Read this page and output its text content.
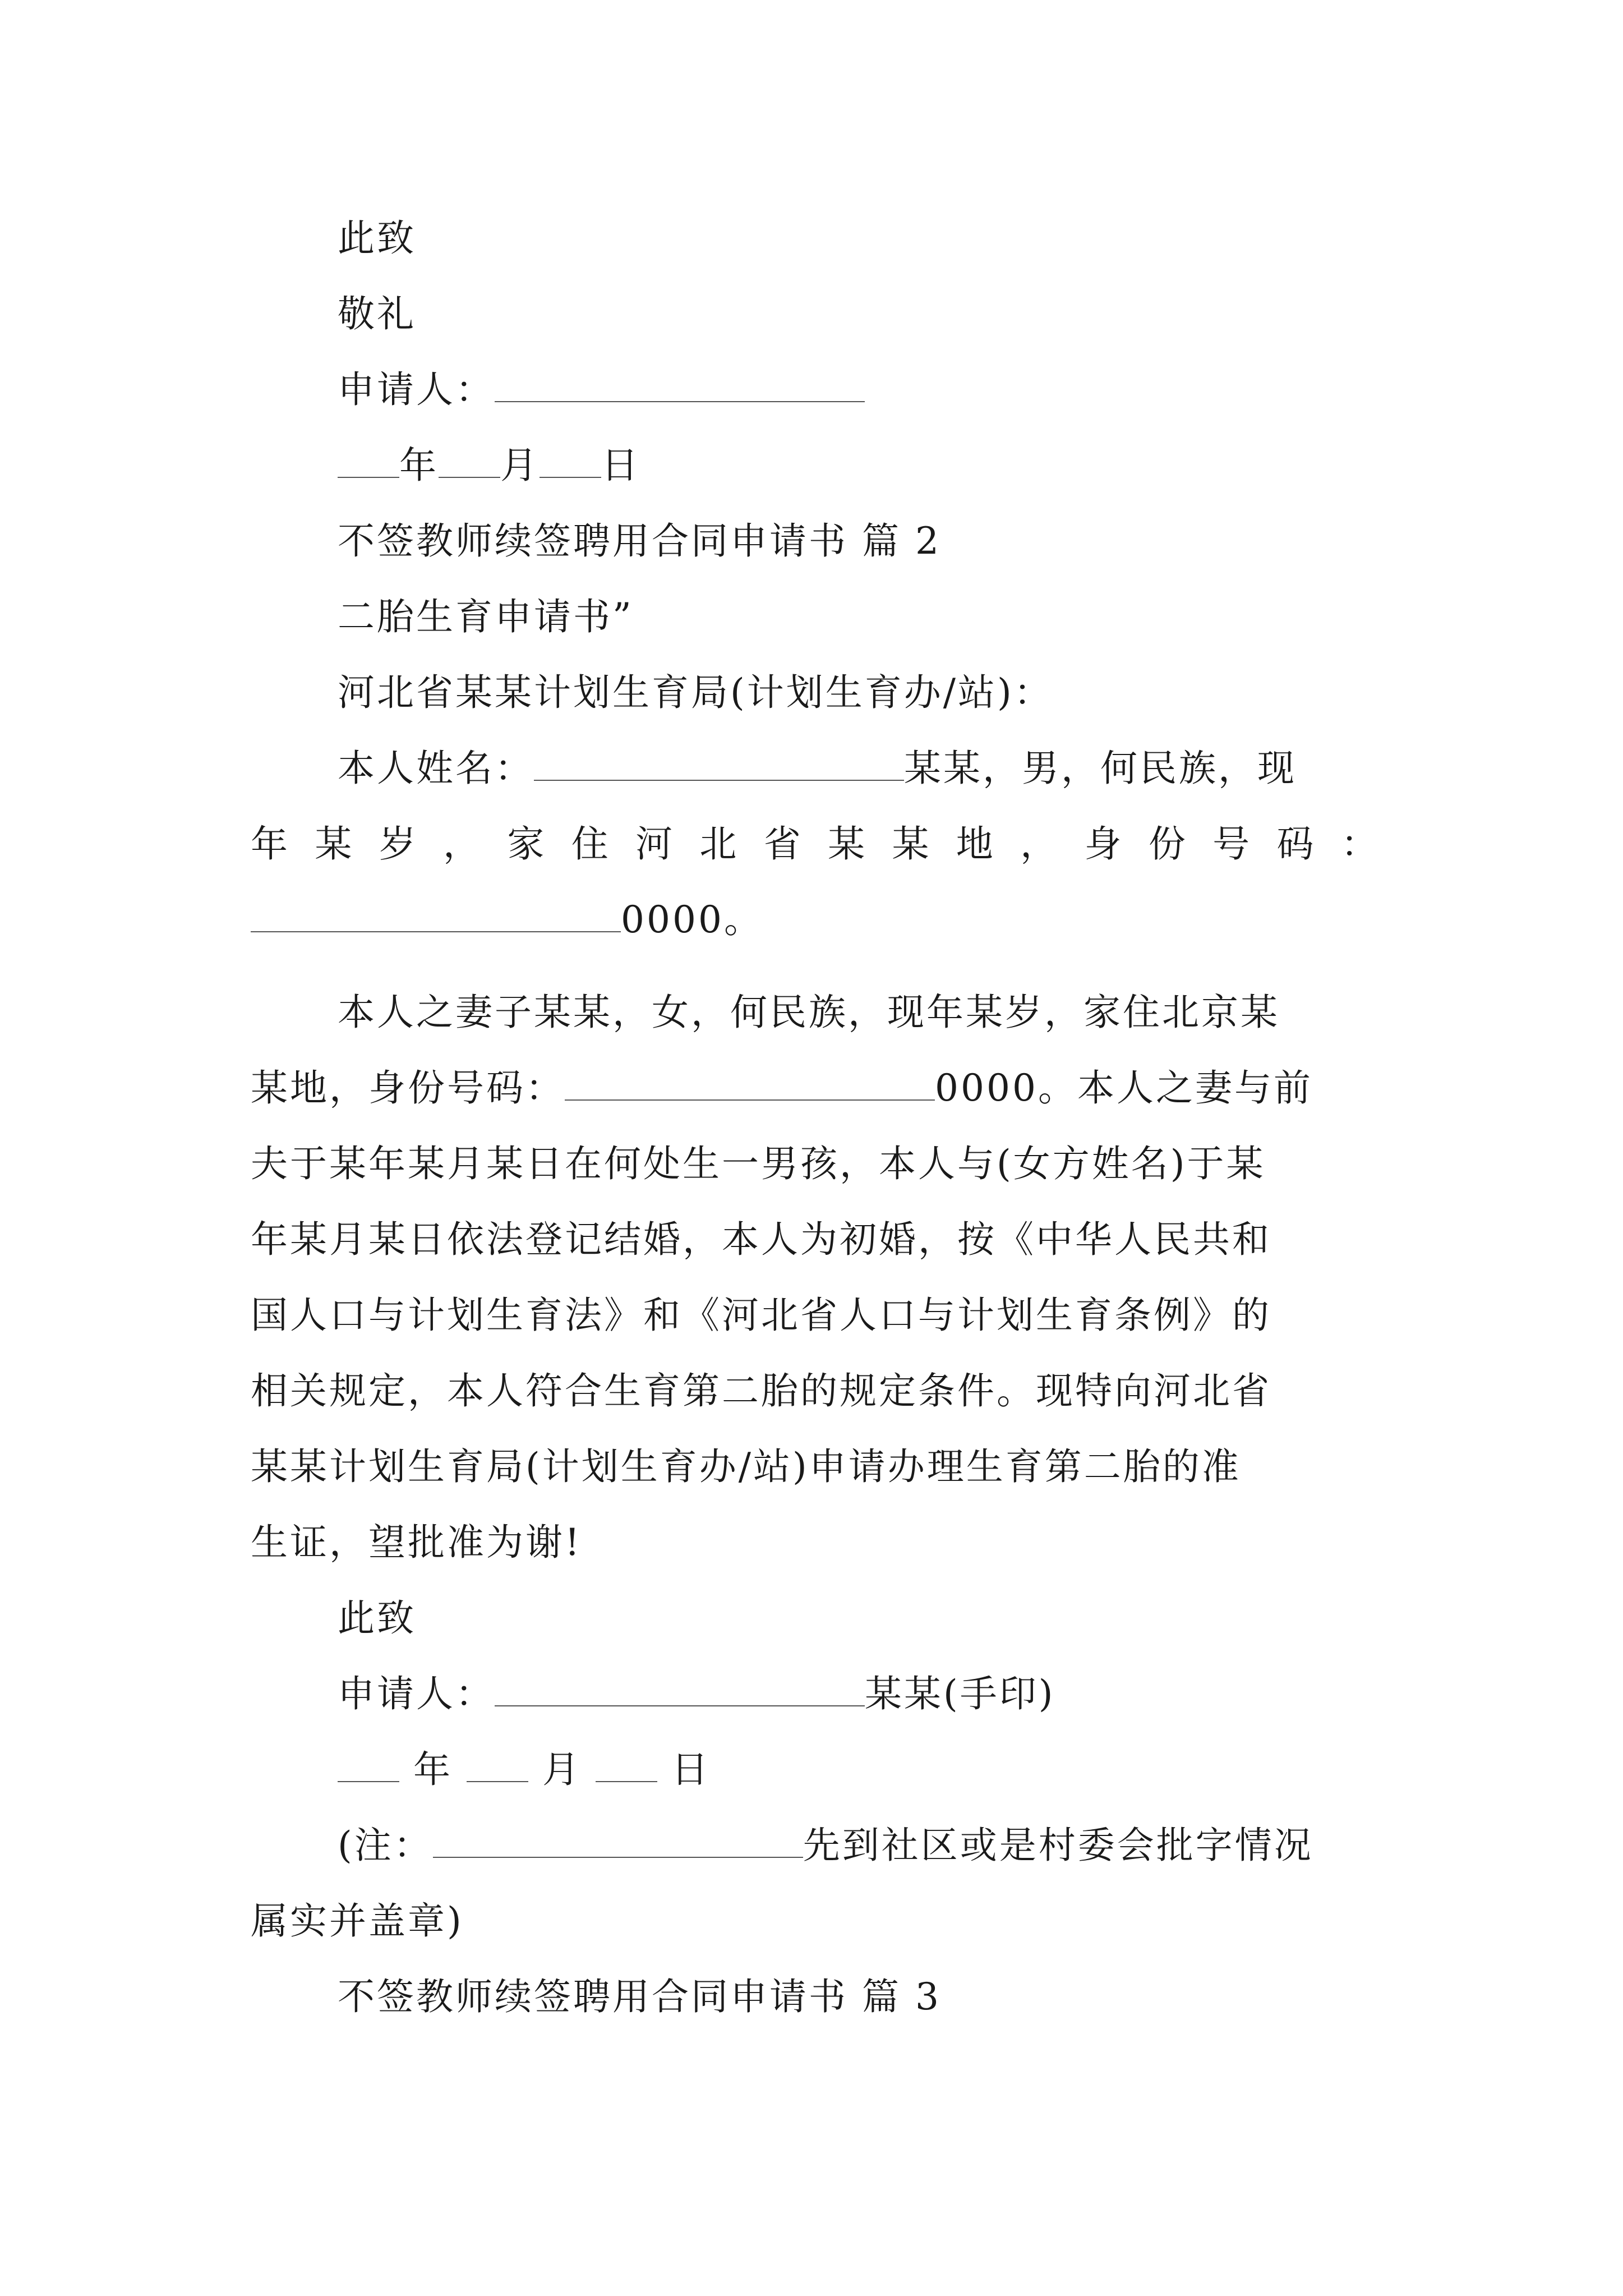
此致
敬礼
申请人：
年 月 日
不签教师续签聘用合同申请书 篇 2
二胎生育申请书”
河北省某某计划生育局(计划生育办/站)：
本人姓名：	某某，男，何民族，现
年 某 岁 ， 家 住 河 北 省 某 某 地 ， 身 份 号 码 ：
0000。
本人之妻子某某，女，何民族，现年某岁，家住北京某
某地，身份号码：	0000。本人之妻与前
夫于某年某月某日在何处生一男孩，本人与(女方姓名)于某
年某月某日依法登记结婚，本人为初婚，按《中华人民共和
国人口与计划生育法》和《河北省人口与计划生育条例》的
相关规定，本人符合生育第二胎的规定条件。现特向河北省
某某计划生育局(计划生育办/站)申请办理生育第二胎的准
生证，望批准为谢!
此致
申请人：	某某(手印)
年 月 日
(注：	先到社区或是村委会批字情况
属实并盖章)
不签教师续签聘用合同申请书 篇 3
